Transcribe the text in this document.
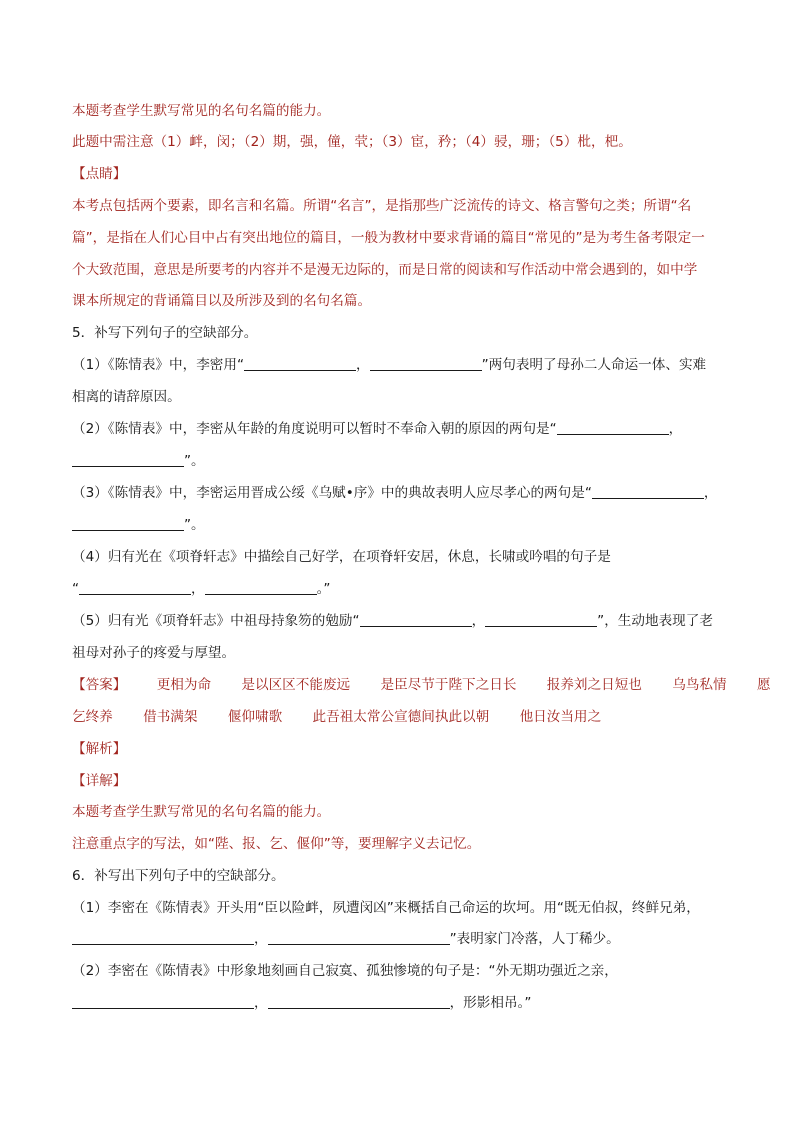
本题考查学生默写常见的名句名篇的能力。
此题中需注意（1）衅，闵；（2）期，强，僮，茕；（3）宦，矜；（4）骎，珊；（5）枇，杷。
【点睛】
本考点包括两个要素，即名言和名篇。所谓“名言”，是指那些广泛流传的诗文、格言警句之类；所谓“名
篇”，是指在人们心目中占有突出地位的篇目，一般为教材中要求背诵的篇目“常见的”是为考生备考限定一
个大致范围，意思是所要考的内容并不是漫无边际的，而是日常的阅读和写作活动中常会遇到的，如中学
课本所规定的背诵篇目以及所涉及到的名句名篇。
5．补写下列句子的空缺部分。
（1）《陈情表》中，李密用“	，	”两句表明了母孙二人命运一体、实难
相离的请辞原因。
（2）《陈情表》中，李密从年龄的角度说明可以暂时不奉命入朝的原因的两句是“	，
”。
（3）《陈情表》中，李密运用晋成公绥《乌赋•序》中的典故表明人应尽孝心的两句是“	，
”。
（4）归有光在《项脊轩志》中描绘自己好学，在项脊轩安居，休息，长啸或吟唱的句子是
“	，	。”
（5）归有光《项脊轩志》中祖母持象笏的勉励“	，	”，生动地表现了老
祖母对孙子的疼爱与厚望。
【答案】 更相为命 是以区区不能废远 是臣尽节于陛下之日长 报养刘之日短也 乌鸟私情 愿
乞终养 借书满架 偃仰啸歌 此吾祖太常公宣德间执此以朝 他日汝当用之
【解析】
【详解】
本题考查学生默写常见的名句名篇的能力。
注意重点字的写法，如“陛、报、乞、偃仰”等，要理解字义去记忆。
6．补写出下列句子中的空缺部分。
（1）李密在《陈情表》开头用“臣以险衅，夙遭闵凶”来概括自己命运的坎坷。用“既无伯叔，终鲜兄弟，
，	”表明家门冷落，人丁稀少。
（2）李密在《陈情表》中形象地刻画自己寂寞、孤独惨境的句子是：“外无期功强近之亲，
，	，形影相吊。”
